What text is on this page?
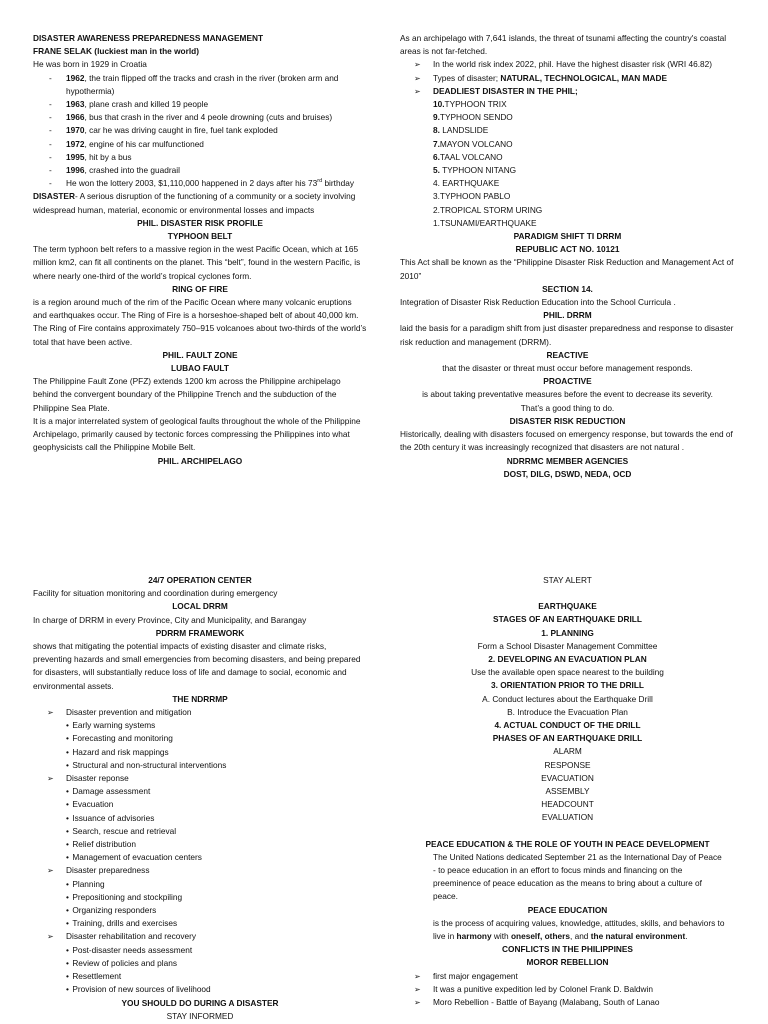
DISASTER AWARENESS PREPAREDNESS MANAGEMENT

FRANE SELAK (luckiest man in the world)

He was born in 1929 in Croatia

- 1962, the train flipped off the tracks and crash in the river (broken arm and hypothermia)
- 1963, plane crash and killed 19 people
- 1966, bus that crash in the river and 4 peole drowning (cuts and bruises)
- 1970, car he was driving caught in fire, fuel tank exploded
- 1972, engine of his car mulfunctioned
- 1995, hit by a bus
- 1996, crashed into the guadrail
- He won the lottery 2003, $1,110,000 happened in 2 days after his 73rd birthday

DISASTER- A serious disruption of the functioning of a community or a society involving widespread human, material, economic or environmental losses and impacts

PHIL. DISASTER RISK PROFILE

TYPHOON BELT

The term typhoon belt refers to a massive region in the west Pacific Ocean, which at 165 million km2, can fit all continents on the planet. This “belt”, found in the western Pacific, is where nearly one-third of the world’s tropical cyclones form.

RING OF FIRE

is a region around much of the rim of the Pacific Ocean where many volcanic eruptions and earthquakes occur. The Ring of Fire is a horseshoe-shaped belt of about 40,000 km. The Ring of Fire contains approximately 750–915 volcanoes about two-thirds of the world’s total that have been active.

PHIL. FAULT ZONE

LUBAO FAULT

The Philippine Fault Zone (PFZ) extends 1200 km across the Philippine archipelago behind the convergent boundary of the Philippine Trench and the subduction of the Philippine Sea Plate.

It is a major interrelated system of geological faults throughout the whole of the Philippine Archipelago, primarily caused by tectonic forces compressing the Philippines into what geophysicists call the Philippine Mobile Belt.

PHIL. ARCHIPELAGO

As an archipelago with 7,641 islands, the threat of tsunami affecting the country's coastal areas is not far-fetched.

➢ In the world risk index 2022, phil. Have the highest disaster risk (WRI 46.82)
➢ Types of disaster; NATURAL, TECHNOLOGICAL, MAN MADE
➢ DEADLIEST DISASTER IN THE PHIL;

10.TYPHOON TRIX

9.TYPHOON SENDO

8. LANDSLIDE

7.MAYON VOLCANO

6.TAAL VOLCANO

5. TYPHOON NITANG

4. EARTHQUAKE

3.TYPHOON PABLO

2.TROPICAL STORM URING

1.TSUNAMI/EARTHQUAKE

PARADIGM SHIFT TI DRRM

REPUBLIC ACT NO. 10121

This Act shall be known as the “Philippine Disaster Risk Reduction and Management Act of 2010”

SECTION 14.

Integration of Disaster Risk Reduction Education into the School Curricula .

PHIL. DRRM

laid the basis for a paradigm shift from just disaster preparedness and response to disaster risk reduction and management (DRRM).

REACTIVE

that the disaster or threat must occur before management responds.

PROACTIVE

is about taking preventative measures before the event to decrease its severity.

That’s a good thing to do.

DISASTER RISK REDUCTION

Historically, dealing with disasters focused on emergency response, but towards the end of the 20th century it was increasingly recognized that disasters are not natural .

NDRRMC MEMBER AGENCIES

DOST, DILG, DSWD, NEDA, OCD

24/7 OPERATION CENTER

Facility for situation monitoring and coordination during emergency

LOCAL DRRM

In charge of DRRM in every Province, City and Municipality, and Barangay

PDRRM FRAMEWORK

shows that mitigating the potential impacts of existing disaster and climate risks, preventing hazards and small emergencies from becoming disasters, and being prepared for disasters, will substantially reduce loss of life and damage to social, economic and environmental assets.

THE NDRRMP

➢ Disaster prevention and mitigation
• Early warning systems
• Forecasting and monitoring
• Hazard and risk mappings
• Structural and non-structural interventions
➢ Disaster reponse
• Damage assessment
• Evacuation
• Issuance of advisories
• Search, rescue and retrieval
• Relief distribution
• Management of evacuation centers
➢ Disaster preparedness
• Planning
• Prepositioning and stockpiling
• Organizing responders
• Training, drills and exercises
➢ Disaster rehabilitation and recovery
• Post-disaster needs assessment
• Review of policies and plans
• Resettlement
• Provision of new sources of livelihood

YOU SHOULD DO DURING A DISASTER

STAY INFORMED

STAY ALERT

EARTHQUAKE

STAGES OF AN EARTHQUAKE DRILL

1. PLANNING

Form a School Disaster Management Committee

2. DEVELOPING AN EVACUATION PLAN

Use the available open space nearest to the building

3. ORIENTATION PRIOR TO THE DRILL

A. Conduct lectures about the Earthquake Drill

B. Introduce the Evacuation Plan

4. ACTUAL CONDUCT OF THE DRILL

PHASES OF AN EARTHQUAKE DRILL

ALARM

RESPONSE

EVACUATION

ASSEMBLY

HEADCOUNT

EVALUATION

PEACE EDUCATION & THE ROLE OF YOUTH IN PEACE DEVELOPMENT

The United Nations dedicated September 21 as the International Day of Peace - to peace education in an effort to focus minds and financing on the preeminence of peace education as the means to bring about a culture of peace.

PEACE EDUCATION

is the process of acquiring values, knowledge, attitudes, skills, and behaviors to live in harmony with oneself, others, and the natural environment.

CONFLICTS IN THE PHILIPPINES

MOROR REBELLION

➢ first major engagement
➢ It was a punitive expedition led by Colonel Frank D. Baldwin
➢ Moro Rebellion - Battle of Bayang (Malabang, South of Lanao
